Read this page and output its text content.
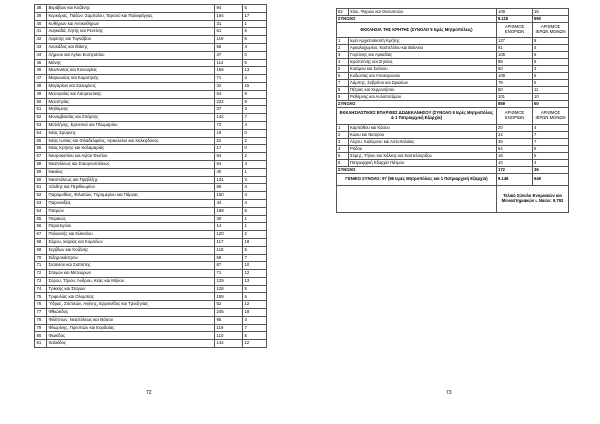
38	Βεράβων και Κοζάνης	94	5
39	Κερκύρας, Παξών, Σαμπαίου, Ταρσού και Παλυφάγγας	164	17
40	Κυθήρων και Αντικυθήρων	31	1
41	Λαγκαδά, Λητής και Ρεντίνης	61	6
42	Λαρίσης και Τυρνάβου	119	6
43	Λευκάδος και Ιθάκης	66	4
44	Λήμνου και Αγίου Ευστρατίου	37	0
45	Μάνης	114	5
46	Μαντινείας και Κυνουρίας	156	13
47	Μαρωνείας και Κομοτηνής	71	4
48	Μαγαρίων και Σαλαμίνος	32	15
49	Μεσογαίας και Λαυρεωτικής	64	8
50	Μεσσηνίας	224	9
51	Μηθύμνης	37	3
52	Μονεμβασίας και Σπάρτης	142	7
53	Μυτιλήνης, Ερεσσού και Πλωμαρίου	72	4
54	Νέας Σμύρνης	19	0
55	Νέας Ιωνίας και Φιλαδελφείας, Ηρακλείου και Χαλκηδόνος	22	2
56	Νέας Κρήνης και Καλαμαριάς	17	0
57	Νευροκοπίου και Αγίου Φωτίου	94	2
58	Νεαπόλεως και Σταυρουπόλεως	54	3
59	Νικαίας	40	1
60	Νικοπόλεως και Πρεβέζης	131	3
61	Ξάνθης και Περιθεωρίου	86	4
62	Παραμυθίας, Φιλιατών, Γηρομερίου και Πάργας	150	3
63	Παροναξίας	44	4
64	Πατρών	189	9
65	Πειραιώς	30	1
66	Περιστερίου	14	1
67	Πολυανής και Κιλκισίου	120	2
68	Σάμου, Ικαρίας και Κορσέων	117	18
69	Σερβίων και Κοζάνης	118	5
70	Σιδηροκάστρου	69	7
71	Σισανίου και Σιατίστης	87	10
72	Σταγών και Μετεώρων	71	12
73	Σύρου, Τήνου, Άνδρου, Κέας και Μήλου	129	13
74	Τρίκκης και Σταγών	128	5
75	Τριφυλίας και Ολυμπίας	159	6
76	Ύδρας, Σπετσών, Αιγίνης, Ερμιονίδος και Τροιζηνίας	52	12
77	Φθιώτιδος	245	18
78	Φιλίππων, Νεαπόλεως και Θάσου	95	4
79	Φλωρίνης, Πρεσπών και Εορδαίας	119	7
80	Φωκίδος	110	5
81	Χαλκίδος	144	12
72
82	Χίου, Ψαρών και Οινουσσών	109	16
ΣΥΝΟΛΟ		8.115	550
ΕΚΚΛΗΣΙΑ ΤΗΣ ΚΡΗΤΗΣ (ΣΥΝΟΛΟ 9 Ιερές Μητροπόλεις)		ΑΡΙΘΜΟΣ ΕΝΟΡΙΩΝ	ΑΡΙΘΜΟΣ ΙΕΡΩΝ ΜΟΝΩΝ
1	Ιερά Αρχιεπισκοπή Κρήτης	127	9
2	Αρκαλοχωρίου, Καστελλίου και Βιάννου	91	4
3	Γορτύνης και Αρκαδίας	108	6
4	Ιεραπύτνης και Σητείας	86	5
5	Κισάμου και Σελίνου	80	3
6	Κυδωνίας και Αποκορώνου	108	6
7	Λάμπης, Συβρίτου και Σφακίων	78	6
8	Πέτρας και Χερρονήσου	80	11
9	Ρεθύμνης και Αυλοποτάμου	101	10
ΣΥΝΟΛΟ		859	60
ΕΚΚΛΗΣΙΑΣΤΙΚΕΣ ΕΠΑΡΧΙΕΣ ΔΩΔΕΚΑΝΗΣΟΥ (ΣΥΝΟΛΟ 5 Ιερές Μητροπόλεις & 1 Πατριαρχική Εξαρχία)		ΑΡΙΘΜΟΣ ΕΝΟΡΙΩΝ	ΑΡΙΘΜΟΣ ΙΕΡΩΝ ΜΟΝΩΝ
1	Καρπάθου και Κάσου	20	4
2	Κώου και Νισύρου	24	7
3	Λέρου, Καλύμνου και Αστυπαλαίας	36	7
4	Ρόδου	64	9
5	Σύμης, Τήλου και Χάλκης και Καστελλορίζου	18	5
6	Πατριαρχική Εξαρχία Πάτμου	10	4
ΣΥΝΟΛΟ		172	36
ΓΕΝΙΚΟ ΣΥΝΟΛΟ: 97 (96 Ιερές Μητροπόλεις και 1 Πατριαρχική Εξαρχία)		9.146	646
		Τελικό Σύνολο Ενοριακών και Μοναστηριακών ι. Ναών: 9.792	
73
